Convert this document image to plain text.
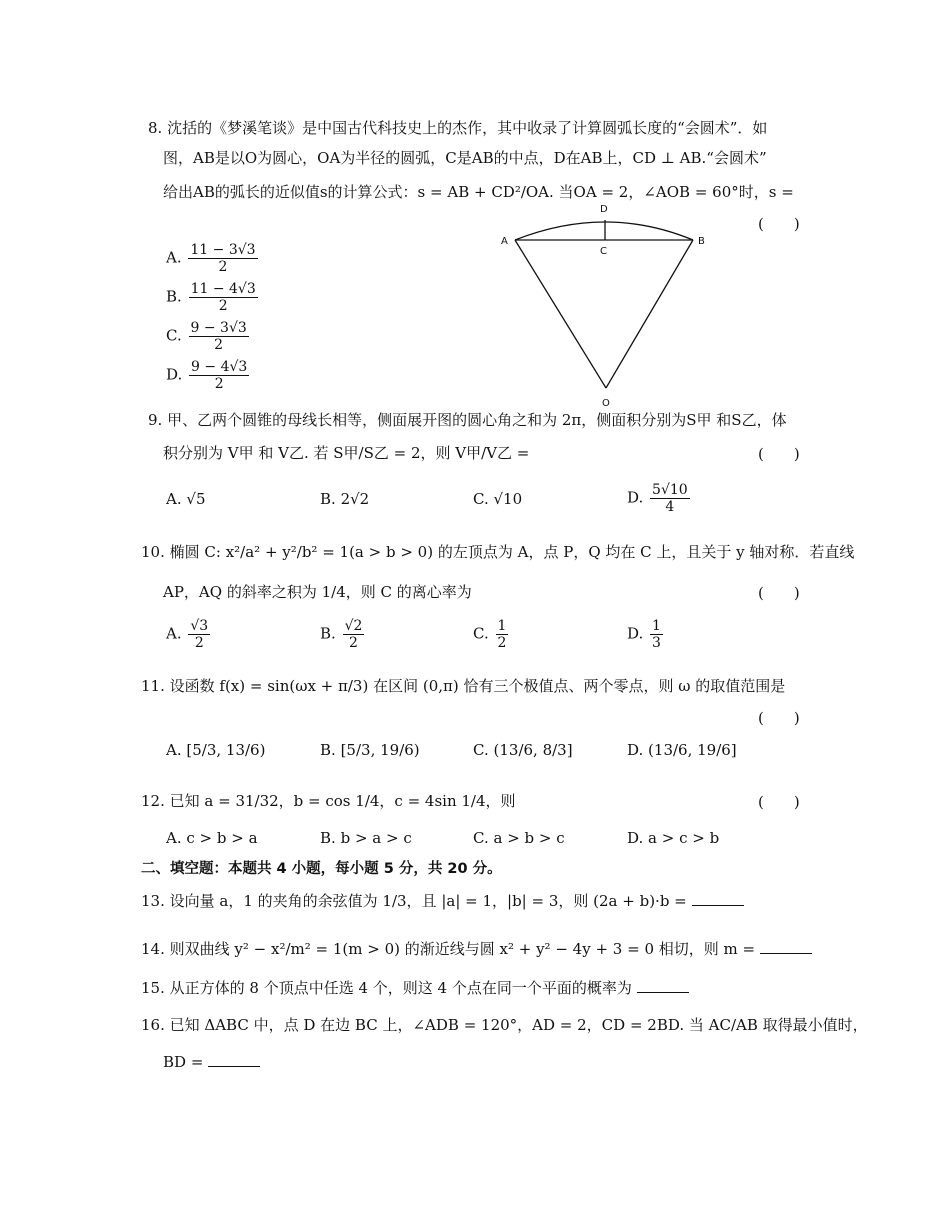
8. 沈括的《梦溪笔谈》是中国古代科技史上的杰作，其中收录了计算圆弧长度的“会圆术”．如
图，AB是以O为圆心，OA为半径的圆弧，C是AB的中点，D在AB上，CD ⊥ AB.“会圆术”
给出AB的弧长的近似值s的计算公式：s = AB + CD²/OA. 当OA = 2，∠AOB = 60°时，s =
(　　)
A. $\frac{11 - 3√3}{2}$
B. $\frac{11 - 4√3}{2}$
C. $\frac{9 - 3√3}{2}$
D. $\frac{9 - 4√3}{2}$
A	B
C
D
O
9. 甲、乙两个圆锥的母线长相等，侧面展开图的圆心角之和为 2π，侧面积分别为S甲 和S乙，体
积分别为 V甲 和 V乙. 若 S甲/S乙 = 2，则 V甲/V乙 =	(　　)
A. √5	B. 2√2	C. √10	D. $\frac{5√10}{4}$
10. 椭圆 C: x²/a² + y²/b² = 1(a > b > 0) 的左顶点为 A，点 P，Q 均在 C 上，且关于 y 轴对称．若直线
AP，AQ 的斜率之积为 1/4，则 C 的离心率为	(　　)
A. $\frac{√3}{2}$	B. $\frac{√2}{2}$	C. $\frac{1}{2}$	D. $\frac{1}{3}$
11. 设函数 f(x) = sin(ωx + π/3) 在区间 (0,π) 恰有三个极值点、两个零点，则 ω 的取值范围是
(　　)
A. [5/3, 13/6)	B. [5/3, 19/6)	C. (13/6, 8/3]	D. (13/6, 19/6]
12. 已知 a = 31/32，b = cos 1/4，c = 4sin 1/4，则	(　　)
A. c > b > a	B. b > a > c	C. a > b > c	D. a > c > b
二、填空题：本题共 4 小题，每小题 5 分，共 20 分。
13. 设向量 a，1 的夹角的余弦值为 1/3，且 |a| = 1，|b| = 3，则 (2a + b)·b =
14. 则双曲线 y² − x²/m² = 1(m > 0) 的渐近线与圆 x² + y² − 4y + 3 = 0 相切，则 m =
15. 从正方体的 8 个顶点中任选 4 个，则这 4 个点在同一个平面的概率为
16. 已知 ΔABC 中，点 D 在边 BC 上，∠ADB = 120°，AD = 2，CD = 2BD. 当 AC/AB 取得最小值时，
BD =
